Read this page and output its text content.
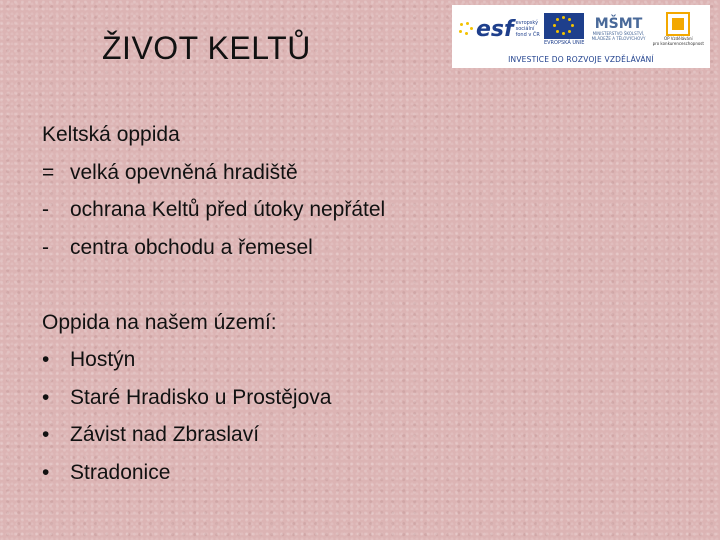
ŽIVOT KELTŮ
esf evropský
sociální
fond v ČR
EVROPSKÁ UNIE
MŠMT
MINISTERSTVO ŠKOLSTVÍ, MLÁDEŽE A TĚLOVÝCHOVY	OP Vzdělávání
pro konkurenceschopnost
INVESTICE DO ROZVOJE VZDĚLÁVÁNÍ
Keltská oppida
= velká opevněná hradiště
- ochrana Keltů před útoky nepřátel
- centra obchodu a řemesel
Oppida na našem území:
• Hostýn
• Staré Hradisko u Prostějova
• Závist nad Zbraslaví
• Stradonice
